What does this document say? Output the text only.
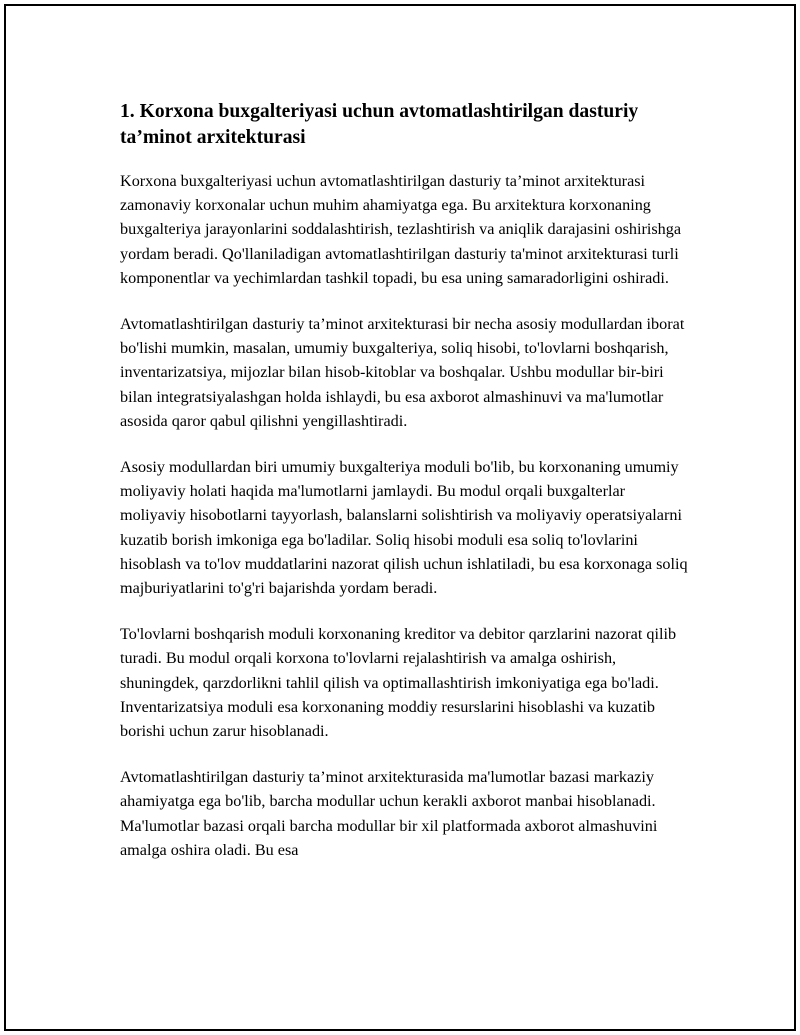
1. Korxona buxgalteriyasi uchun avtomatlashtirilgan dasturiy ta’minot arxitekturasi

Korxona buxgalteriyasi uchun avtomatlashtirilgan dasturiy ta’minot arxitekturasi zamonaviy korxonalar uchun muhim ahamiyatga ega. Bu arxitektura korxonaning buxgalteriya jarayonlarini soddalashtirish, tezlashtirish va aniqlik darajasini oshirishga yordam beradi. Qo'llaniladigan avtomatlashtirilgan dasturiy ta'minot arxitekturasi turli komponentlar va yechimlardan tashkil topadi, bu esa uning samaradorligini oshiradi.

Avtomatlashtirilgan dasturiy ta’minot arxitekturasi bir necha asosiy modullardan iborat bo'lishi mumkin, masalan, umumiy buxgalteriya, soliq hisobi, to'lovlarni boshqarish, inventarizatsiya, mijozlar bilan hisob-kitoblar va boshqalar. Ushbu modullar bir-biri bilan integratsiyalashgan holda ishlaydi, bu esa axborot almashinuvi va ma'lumotlar asosida qaror qabul qilishni yengillashtiradi.

Asosiy modullardan biri umumiy buxgalteriya moduli bo'lib, bu korxonaning umumiy moliyaviy holati haqida ma'lumotlarni jamlaydi. Bu modul orqali buxgalterlar moliyaviy hisobotlarni tayyorlash, balanslarni solishtirish va moliyaviy operatsiyalarni kuzatib borish imkoniga ega bo'ladilar. Soliq hisobi moduli esa soliq to'lovlarini hisoblash va to'lov muddatlarini nazorat qilish uchun ishlatiladi, bu esa korxonaga soliq majburiyatlarini to'g'ri bajarishda yordam beradi.

To'lovlarni boshqarish moduli korxonaning kreditor va debitor qarzlarini nazorat qilib turadi. Bu modul orqali korxona to'lovlarni rejalashtirish va amalga oshirish, shuningdek, qarzdorlikni tahlil qilish va optimallashtirish imkoniyatiga ega bo'ladi. Inventarizatsiya moduli esa korxonaning moddiy resurslarini hisoblashi va kuzatib borishi uchun zarur hisoblanadi.

Avtomatlashtirilgan dasturiy ta’minot arxitekturasida ma'lumotlar bazasi markaziy ahamiyatga ega bo'lib, barcha modullar uchun kerakli axborot manbai hisoblanadi. Ma'lumotlar bazasi orqali barcha modullar bir xil platformada axborot almashuvini amalga oshira oladi. Bu esa
